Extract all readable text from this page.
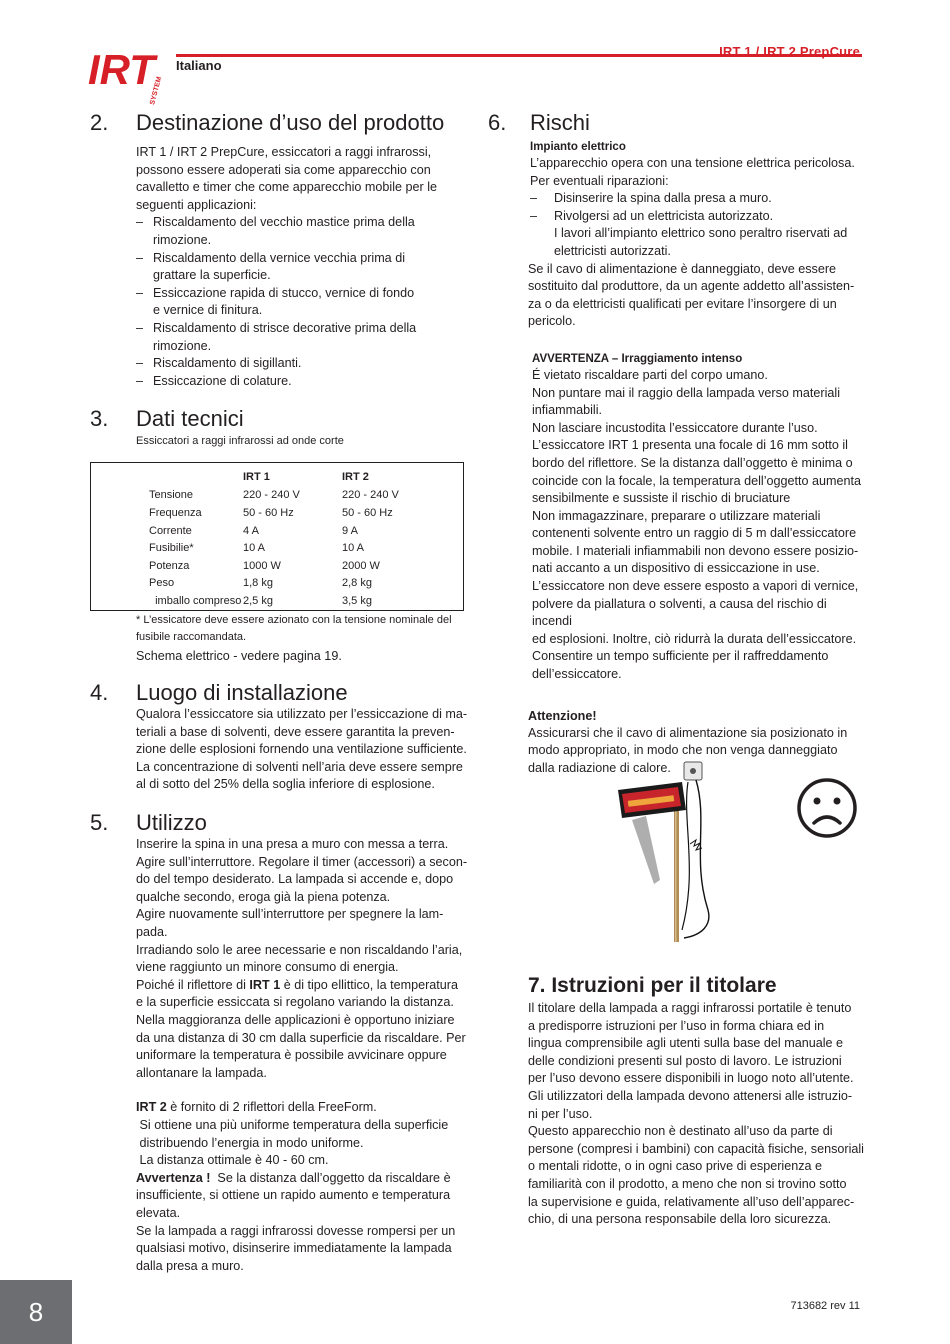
IRT
SYSTEM
Italiano
IRT 1 / IRT 2 PrepCure
2. Destinazione d’uso del prodotto
IRT 1 / IRT 2 PrepCure, essiccatori a raggi infrarossi,
possono essere adoperati sia come apparecchio con
cavalletto e timer che come apparecchio mobile per le
seguenti applicazioni:
– Riscaldamento del vecchio mastice prima della
rimozione.
– Riscaldamento della vernice vecchia prima di
grattare la superficie.
– Essiccazione rapida di stucco, vernice di fondo
e vernice di finitura.
– Riscaldamento di strisce decorative prima della
rimozione.
– Riscaldamento di sigillanti.
– Essiccazione di colature.
3. Dati tecnici
Essiccatori a raggi infrarossi ad onde corte
	IRT 1	IRT 2
Tensione	220 - 240 V	220 - 240 V
Frequenza	50 - 60 Hz	50 - 60 Hz
Corrente	4 A	9 A
Fusibilie*	10 A	10 A
Potenza	1000 W	2000 W
Peso	1,8 kg	2,8 kg
imballo compreso	2,5 kg	3,5 kg
* L’essicatore deve essere azionato con la tensione nominale del
fusibile raccomandata.
Schema elettrico - vedere pagina 19.
4. Luogo di installazione
Qualora l’essiccatore sia utilizzato per l’essiccazione di ma-
teriali a base di solventi, deve essere garantita la preven-
zione delle esplosioni fornendo una ventilazione sufficiente.
La concentrazione di solventi nell’aria deve essere sempre
al di sotto del 25% della soglia inferiore di esplosione.
5. Utilizzo
Inserire la spina in una presa a muro con messa a terra.
Agire sull’interruttore. Regolare il timer (accessori) a secon-
do del tempo desiderato. La lampada si accende e, dopo
qualche secondo, eroga già la piena potenza.
Agire nuovamente sull’interruttore per spegnere la lam-
pada.
Irradiando solo le aree necessarie e non riscaldando l’aria,
viene raggiunto un minore consumo di energia.
Poiché il riflettore di IRT 1 è di tipo ellittico, la temperatura
e la superficie essiccata si regolano variando la distanza.
Nella maggioranza delle applicazioni è opportuno iniziare
da una distanza di 30 cm dalla superficie da riscaldare. Per
uniformare la temperatura è possibile avvicinare oppure
allontanare la lampada.
IRT 2 è fornito di 2 riflettori della FreeForm.
Si ottiene una più uniforme temperatura della superficie
distribuendo l’energia in modo uniforme.
La distanza ottimale è 40 - 60 cm.
Avvertenza !  Se la distanza dall’oggetto da riscaldare è
insufficiente, si ottiene un rapido aumento e temperatura
elevata.
Se la lampada a raggi infrarossi dovesse rompersi per un
qualsiasi motivo, disinserire immediatamente la lampada
dalla presa a muro.
6. Rischi
Impianto elettrico
L’apparecchio opera con una tensione elettrica pericolosa.
Per eventuali riparazioni:
– Disinserire la spina dalla presa a muro.
– Rivolgersi ad un elettricista autorizzato.
I lavori all’impianto elettrico sono peraltro riservati ad
elettricisti autorizzati.
Se il cavo di alimentazione è danneggiato, deve essere
sostituito dal produttore, da un agente addetto all’assisten-
za o da elettricisti qualificati per evitare l’insorgere di un
pericolo.
AVVERTENZA – Irraggiamento intenso
É vietato riscaldare parti del corpo umano.
Non puntare mai il raggio della lampada verso materiali
infiammabili.
Non lasciare incustodita l’essiccatore durante l’uso.
L’essiccatore IRT 1 presenta una focale di 16 mm sotto il
bordo del riflettore. Se la distanza dall’oggetto è minima o
coincide con la focale, la temperatura dell’oggetto aumenta
sensibilmente e sussiste il rischio di bruciature
Non immagazzinare, preparare o utilizzare materiali
contenenti solvente entro un raggio di 5 m dall’essiccatore
mobile. I materiali infiammabili non devono essere posizio-
nati accanto a un dispositivo di essiccazione in use.
L’essiccatore non deve essere esposto a vapori di vernice,
polvere da piallatura o solventi, a causa del rischio di incendi
ed esplosioni. Inoltre, ciò ridurrà la durata dell’essiccatore.
Consentire un tempo sufficiente per il raffreddamento
dell’essiccatore.
Attenzione!
Assicurarsi che il cavo di alimentazione sia posizionato in
modo appropriato, in modo che non venga danneggiato
dalla radiazione di calore.
7. Istruzioni per il titolare
Il titolare della lampada a raggi infrarossi portatile è tenuto
a predisporre istruzioni per l’uso in forma chiara ed in
lingua comprensibile agli utenti sulla base del manuale e
delle condizioni presenti sul posto di lavoro. Le istruzioni
per l’uso devono essere disponibili in luogo noto all’utente.
Gli utilizzatori della lampada devono attenersi alle istruzio-
ni per l’uso.
Questo apparecchio non è destinato all’uso da parte di
persone (compresi i bambini) con capacità fisiche, sensoriali
o mentali ridotte, o in ogni caso prive di esperienza e
familiarità con il prodotto, a meno che non si trovino sotto
la supervisione e guida, relativamente all’uso dell’apparec-
chio, di una persona responsabile della loro sicurezza.
8	713682 rev 11
